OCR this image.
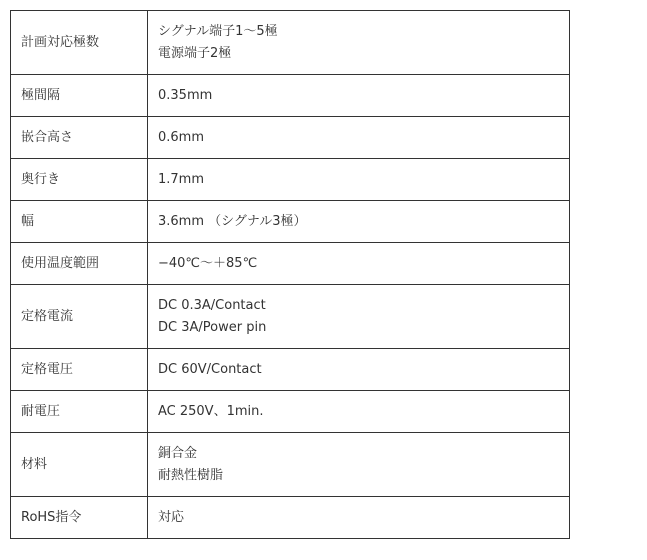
計画対応極数	シグナル端子1〜5極
電源端子2極

極間隔	0.35mm

嵌合高さ	0.6mm

奥行き	1.7mm

幅	3.6mm （シグナル3極）

使用温度範囲	−40℃〜＋85℃

定格電流	DC 0.3A/Contact
DC 3A/Power pin

定格電圧	DC 60V/Contact

耐電圧	AC 250V、1min.

材料	銅合金
耐熱性樹脂

RoHS指令	対応
